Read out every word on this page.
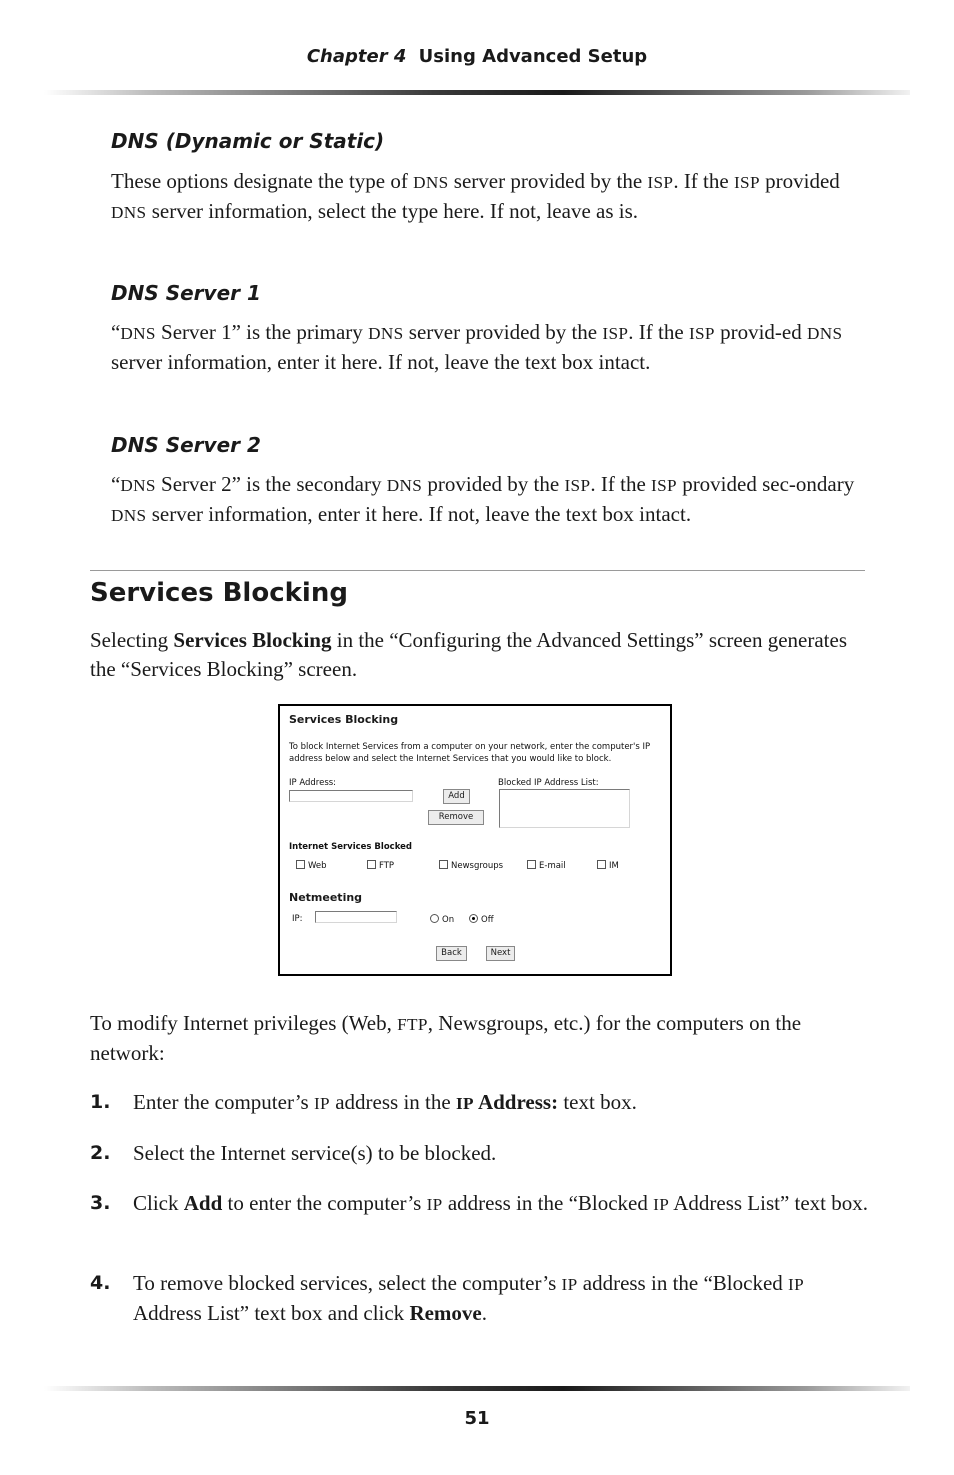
Chapter 4 Using Advanced Setup
DNS (Dynamic or Static)
These options designate the type of DNS server provided by the ISP. If the ISP provided DNS server information, select the type here. If not, leave as is.
DNS Server 1
“DNS Server 1” is the primary DNS server provided by the ISP. If the ISP provid-ed DNS server information, enter it here. If not, leave the text box intact.
DNS Server 2
“DNS Server 2” is the secondary DNS provided by the ISP. If the ISP provided sec-ondary DNS server information, enter it here. If not, leave the text box intact.
Services Blocking
Selecting Services Blocking in the “Configuring the Advanced Settings” screen generates the “Services Blocking” screen.
Services Blocking
To block Internet Services from a computer on your network, enter the computer's IP address below and select the Internet Services that you would like to block.
IP Address:
Add
Remove
Blocked IP Address List:
Internet Services Blocked
Web	FTP	Newsgroups	E-mail	IM
Netmeeting
IP:	On	Off
Back	Next
To modify Internet privileges (Web, FTP, Newsgroups, etc.) for the computers on the network:
1. Enter the computer’s IP address in the IP Address: text box.
2. Select the Internet service(s) to be blocked.
3. Click Add to enter the computer’s IP address in the “Blocked IP Address List” text box.
4. To remove blocked services, select the computer’s IP address in the “Blocked IP Address List” text box and click Remove.
51
